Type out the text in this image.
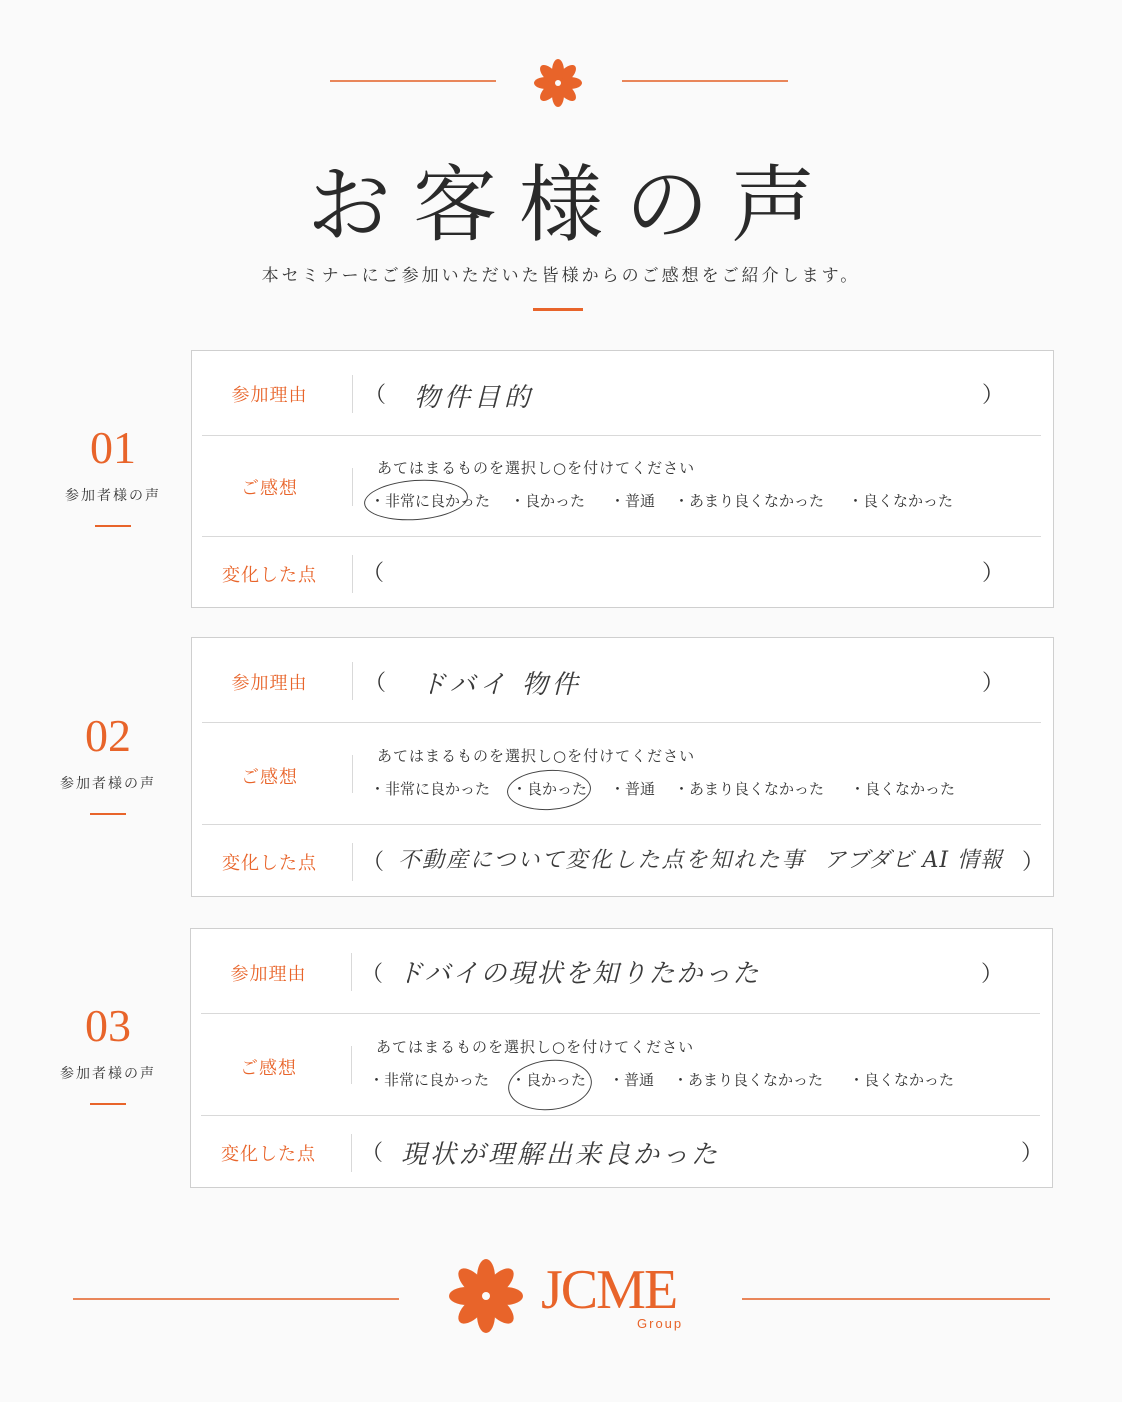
お客様の声

本セミナーにご参加いただいた皆様からのご感想をご紹介します。

01
参加者様の声
参加理由	（ 物件目的	）
ご感想
あてはまるものを選択し○を付けてください
・非常に良かった ・良かった ・普通 ・あまり良くなかった ・良くなかった
変化した点	（	）
02
参加者様の声
参加理由	（ ドバイ 物件	）
ご感想
あてはまるものを選択し○を付けてください
・非常に良かった ・良かった ・普通 ・あまり良くなかった ・良くなかった
変化した点	（ 不動産について変化した点を知れた事 アブダビ AI 情報 ）
03
参加者様の声
参加理由	（ ドバイの現状を知りたかった	）
ご感想
あてはまるものを選択し○を付けてください
・非常に良かった ・良かった ・普通 ・あまり良くなかった ・良くなかった
変化した点	（ 現状が理解出来良かった	）
JCME
Group
